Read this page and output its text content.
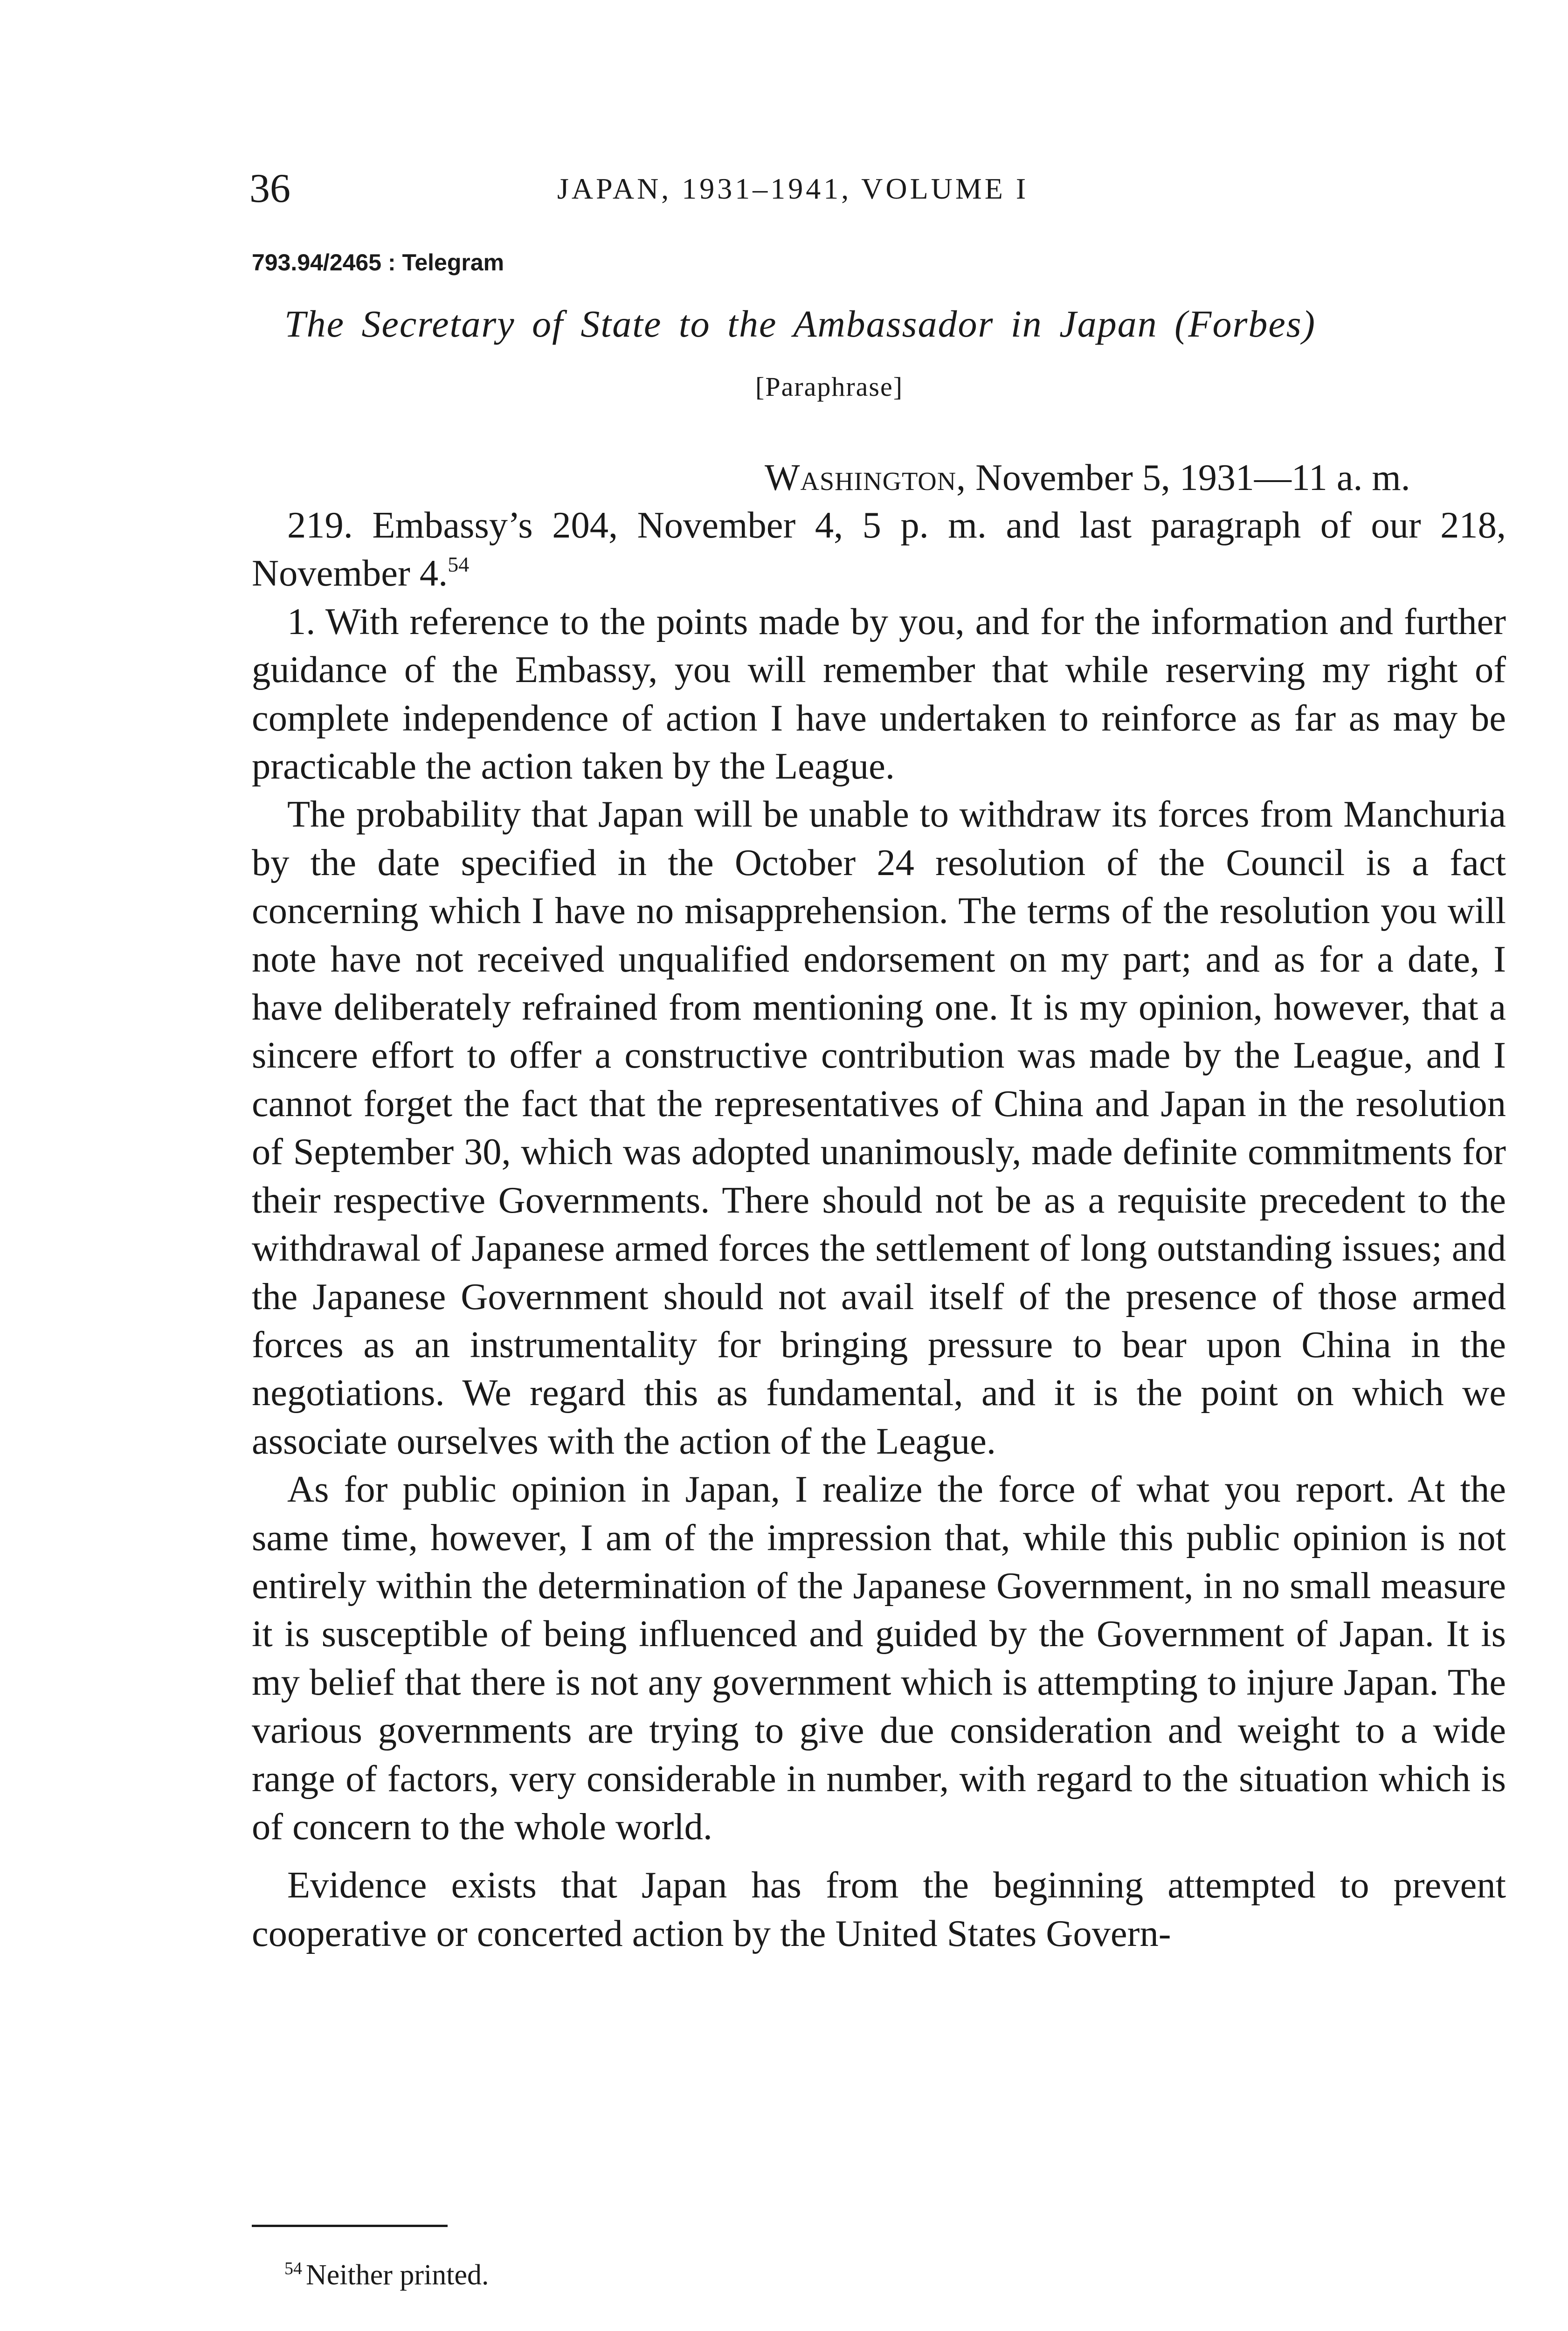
36	JAPAN, 1931–1941, VOLUME I
793.94/2465 : Telegram
The Secretary of State to the Ambassador in Japan (Forbes)
[Paraphrase]
Washington, November 5, 1931—11 a. m.

219. Embassy’s 204, November 4, 5 p. m. and last paragraph of our 218, November 4.54

1. With reference to the points made by you, and for the information and further guidance of the Embassy, you will remember that while reserving my right of complete independence of action I have undertaken to reinforce as far as may be practicable the action taken by the League.

The probability that Japan will be unable to withdraw its forces from Manchuria by the date specified in the October 24 resolution of the Council is a fact concerning which I have no misapprehension. The terms of the resolution you will note have not received unqualified endorsement on my part; and as for a date, I have deliberately refrained from mentioning one. It is my opinion, however, that a sincere effort to offer a constructive contribution was made by the League, and I cannot forget the fact that the representatives of China and Japan in the resolution of September 30, which was adopted unanimously, made definite commitments for their respective Governments. There should not be as a requisite precedent to the withdrawal of Japanese armed forces the settlement of long outstanding issues; and the Japanese Government should not avail itself of the presence of those armed forces as an instrumentality for bringing pressure to bear upon China in the negotiations. We regard this as fundamental, and it is the point on which we associate ourselves with the action of the League.

As for public opinion in Japan, I realize the force of what you report. At the same time, however, I am of the impression that, while this public opinion is not entirely within the determination of the Japanese Government, in no small measure it is susceptible of being influenced and guided by the Government of Japan. It is my belief that there is not any government which is attempting to injure Japan. The various governments are trying to give due consideration and weight to a wide range of factors, very considerable in number, with regard to the situation which is of concern to the whole world.

Evidence exists that Japan has from the beginning attempted to prevent cooperative or concerted action by the United States Govern-

$^{54}$ Neither printed.
